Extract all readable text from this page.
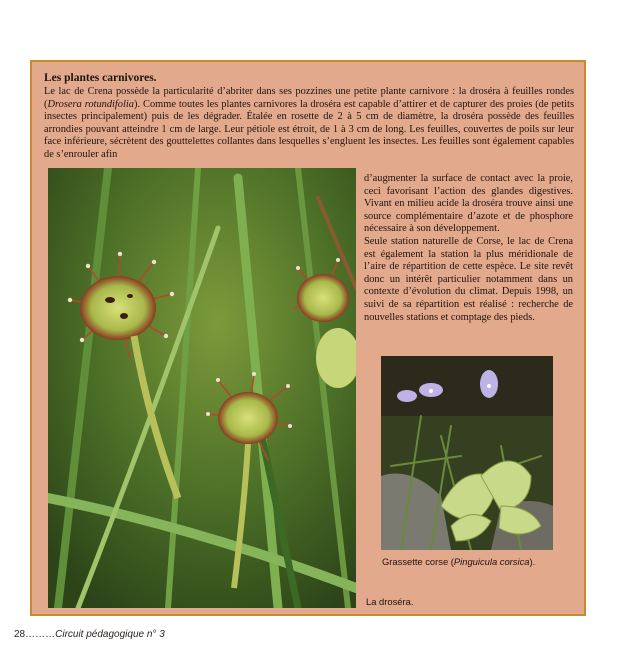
Les plantes carnivores.

Le lac de Crena possède la particularité d’abriter dans ses pozzines une petite plante carnivore : la droséra à feuilles rondes (Drosera rotundifolia). Comme toutes les plantes carnivores la droséra est capable d’attirer et de capturer des proies (de petits insectes principalement) puis de les dégrader. Étalée en rosette de 2 à 5 cm de diamètre, la droséra possède des feuilles arrondies pouvant atteindre 1 cm de large. Leur pétiole est étroit, de 1 à 3 cm de long. Les feuilles, couvertes de poils sur leur face inférieure, sécrètent des gouttelettes collantes dans lesquelles s’engluent les insectes. Les feuilles sont également capables de s’enrouler afin

d’augmenter la surface de contact avec la proie, ceci favorisant l’action des glandes digestives. Vivant en milieu acide la droséra trouve ainsi une source complémentaire d’azote et de phosphore nécessaire à son développement.

Seule station naturelle de Corse, le lac de Crena est également la station la plus méridionale de l’aire de répartition de cette espèce. Le site revêt donc un intérêt particulier notamment dans un contexte d’évolution du climat. Depuis 1998, un suivi de sa répartition est réalisé : recherche de nouvelles stations et comptage des pieds.

Grassette corse (Pinguicula corsica).

La droséra.

28………Circuit pédagogique n° 3
